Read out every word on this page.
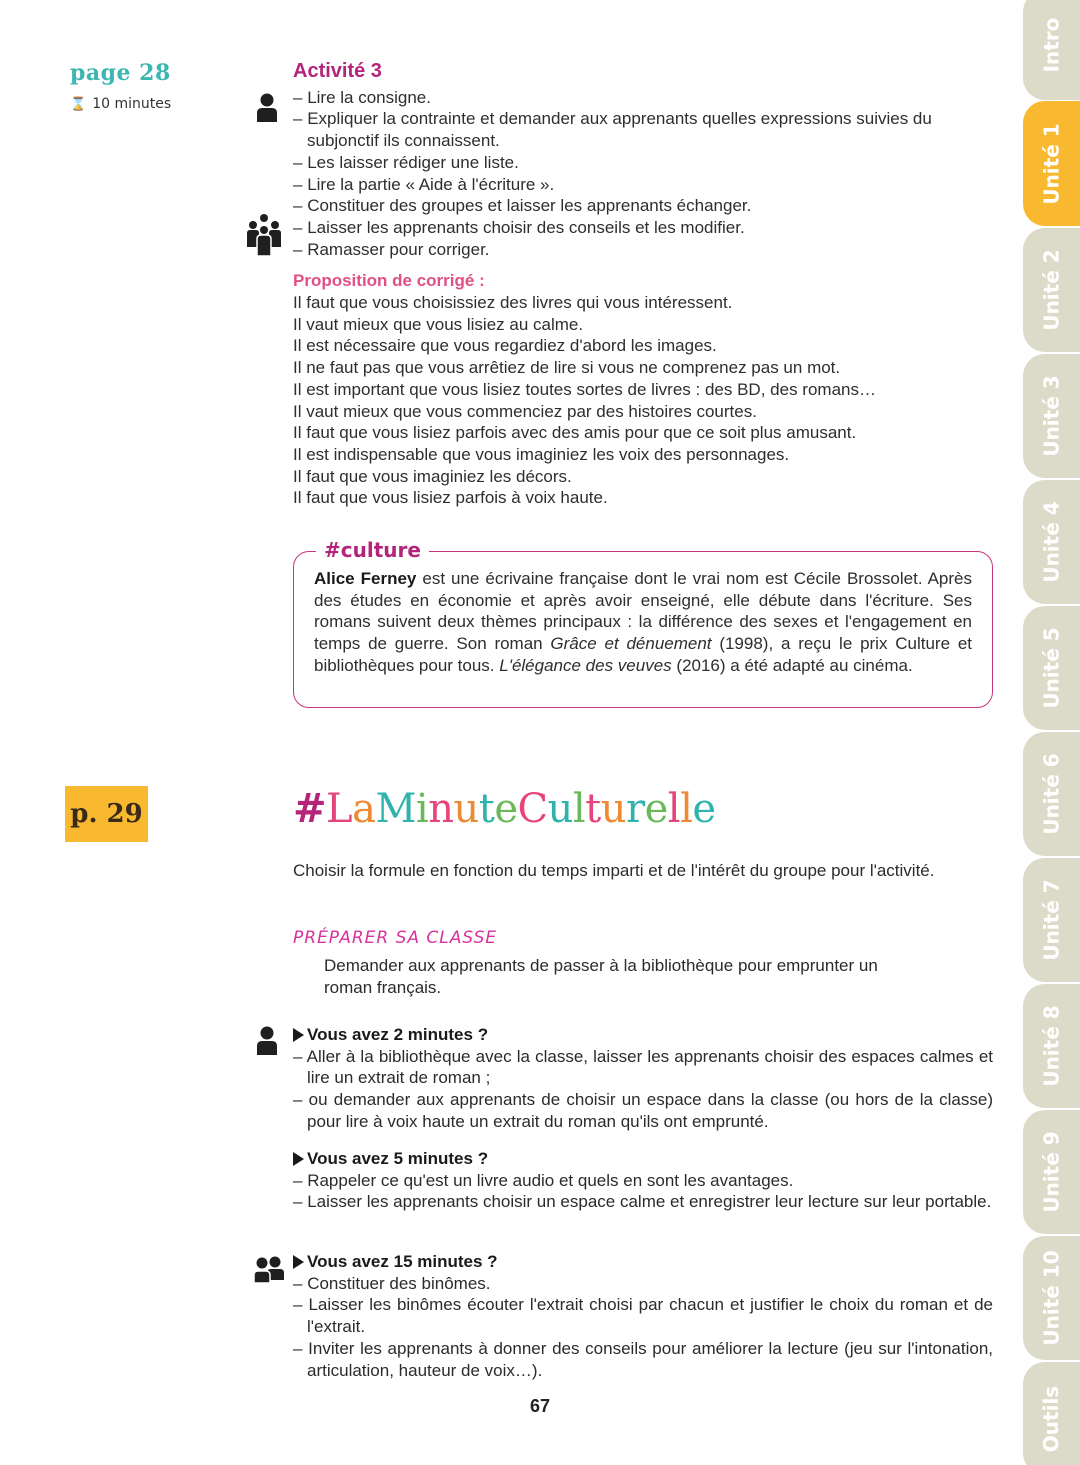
page 28
⌛ 10 minutes
p. 29
Activité 3
– Lire la consigne.
– Expliquer la contrainte et demander aux apprenants quelles expressions suivies du subjonctif ils connaissent.
– Les laisser rédiger une liste.
– Lire la partie « Aide à l'écriture ».
– Constituer des groupes et laisser les apprenants échanger.
– Laisser les apprenants choisir des conseils et les modifier.
– Ramasser pour corriger.
Proposition de corrigé :
Il faut que vous choisissiez des livres qui vous intéressent.
Il vaut mieux que vous lisiez au calme.
Il est nécessaire que vous regardiez d'abord les images.
Il ne faut pas que vous arrêtiez de lire si vous ne comprenez pas un mot.
Il est important que vous lisiez toutes sortes de livres : des BD, des romans…
Il vaut mieux que vous commenciez par des histoires courtes.
Il faut que vous lisiez parfois avec des amis pour que ce soit plus amusant.
Il est indispensable que vous imaginiez les voix des personnages.
Il faut que vous imaginiez les décors.
Il faut que vous lisiez parfois à voix haute.
#culture

Alice Ferney est une écrivaine française dont le vrai nom est Cécile Brossolet. Après des études en économie et après avoir enseigné, elle débute dans l'écriture. Ses romans suivent deux thèmes principaux : la différence des sexes et l'engagement en temps de guerre. Son roman Grâce et dénuement (1998), a reçu le prix Culture et bibliothèques pour tous. L'élégance des veuves (2016) a été adapté au cinéma.

#LaMinuteCulturelle

Choisir la formule en fonction du temps imparti et de l'intérêt du groupe pour l'activité.

PRÉPARER SA CLASSE

Demander aux apprenants de passer à la bibliothèque pour emprunter un roman français.

Vous avez 2 minutes ?
– Aller à la bibliothèque avec la classe, laisser les apprenants choisir des espaces calmes et lire un extrait de roman ;
– ou demander aux apprenants de choisir un espace dans la classe (ou hors de la classe) pour lire à voix haute un extrait du roman qu'ils ont emprunté.
Vous avez 5 minutes ?
– Rappeler ce qu'est un livre audio et quels en sont les avantages.
– Laisser les apprenants choisir un espace calme et enregistrer leur lecture sur leur portable.
Vous avez 15 minutes ?
– Constituer des binômes.
– Laisser les binômes écouter l'extrait choisi par chacun et justifier le choix du roman et de l'extrait.
– Inviter les apprenants à donner des conseils pour améliorer la lecture (jeu sur l'intonation, articulation, hauteur de voix…).
67
Intro
Unité 1
Unité 2
Unité 3
Unité 4
Unité 5
Unité 6
Unité 7
Unité 8
Unité 9
Unité 10
Outils
